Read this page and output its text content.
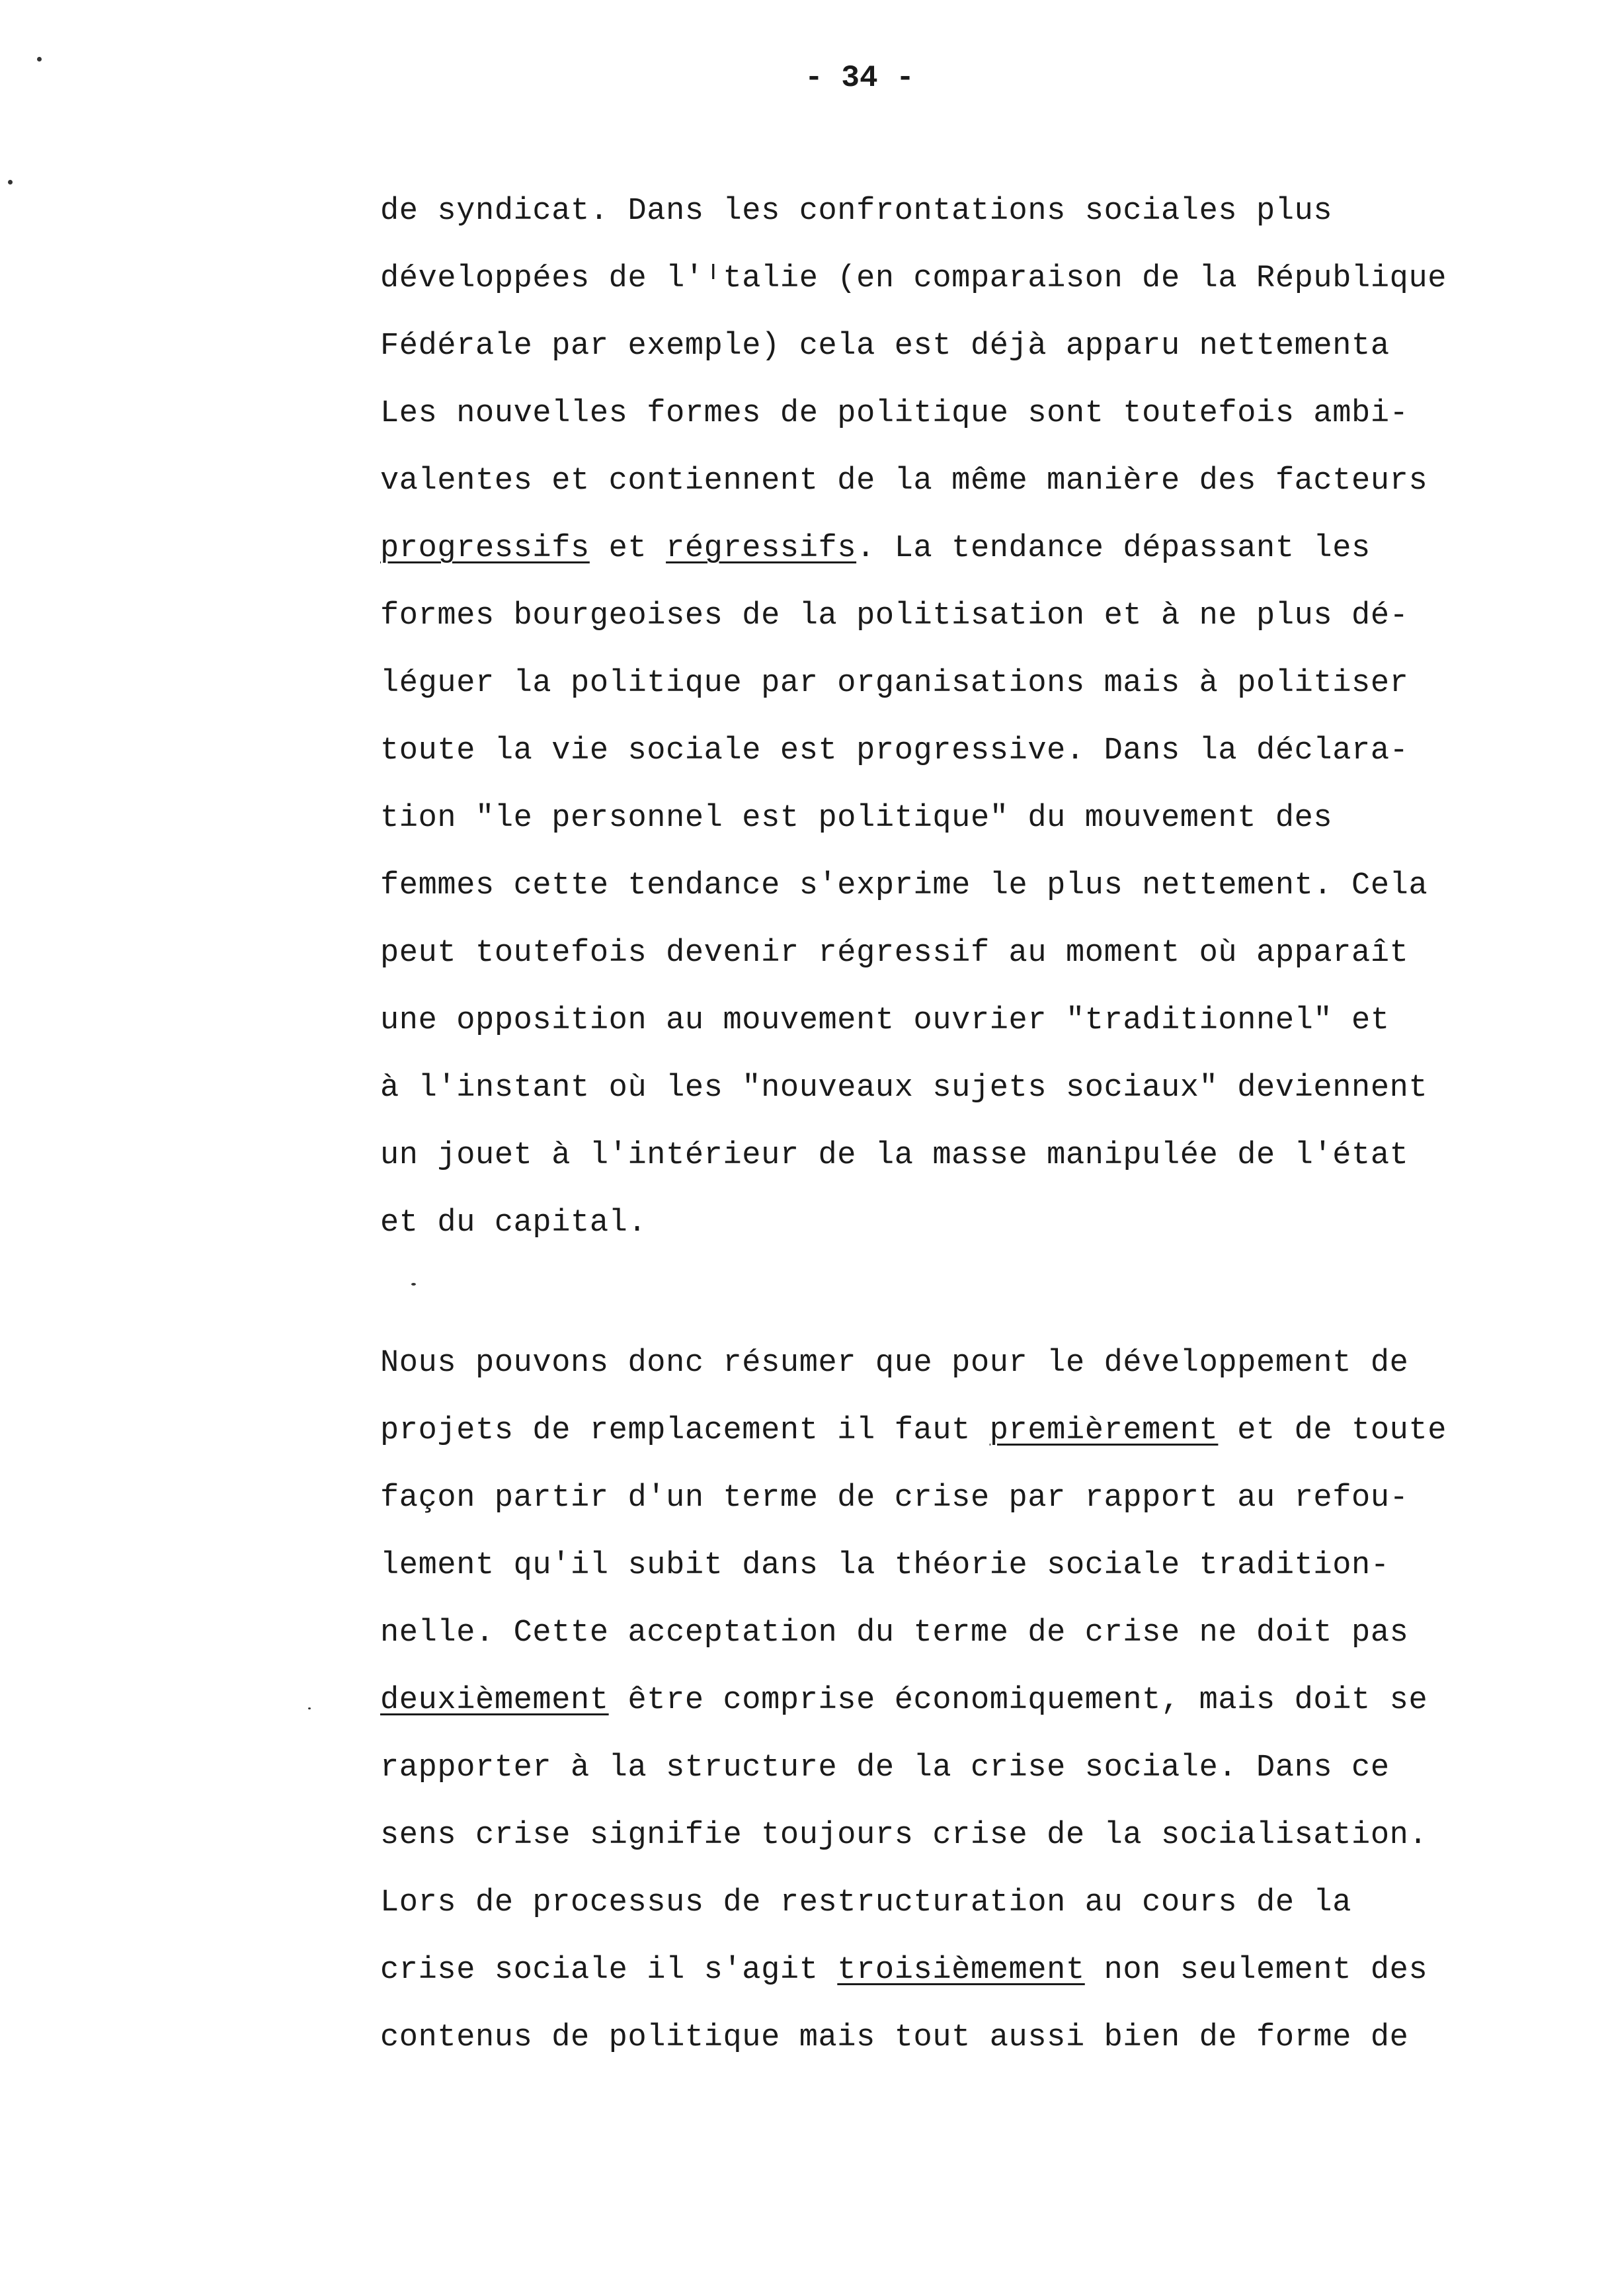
- 34 -
de syndicat. Dans les confrontations sociales plus
développées de l'ᴵtalie (en comparaison de la République
Fédérale par exemple) cela est déjà apparu nettementa
Les nouvelles formes de politique sont toutefois ambi-
valentes et contiennent de la même manière des facteurs
progressifs et régressifs. La tendance dépassant les
formes bourgeoises de la politisation et à ne plus dé-
léguer la politique par organisations mais à politiser
toute la vie sociale est progressive. Dans la déclara-
tion "le personnel est politique" du mouvement des
femmes cette tendance s'exprime le plus nettement. Cela
peut toutefois devenir régressif au moment où apparaît
une opposition au mouvement ouvrier "traditionnel" et
à l'instant où les "nouveaux sujets sociaux" deviennent
un jouet à l'intérieur de la masse manipulée de l'état
et du capital.
Nous pouvons donc résumer que pour le développement de
projets de remplacement il faut premièrement et de toute
façon partir d'un terme de crise par rapport au refou-
lement qu'il subit dans la théorie sociale tradition-
nelle. Cette acceptation du terme de crise ne doit pas
deuxièmement être comprise économiquement, mais doit se
rapporter à la structure de la crise sociale. Dans ce
sens crise signifie toujours crise de la socialisation.
Lors de processus de restructuration au cours de la
crise sociale il s'agit troisièmement non seulement des
contenus de politique mais tout aussi bien de forme de
